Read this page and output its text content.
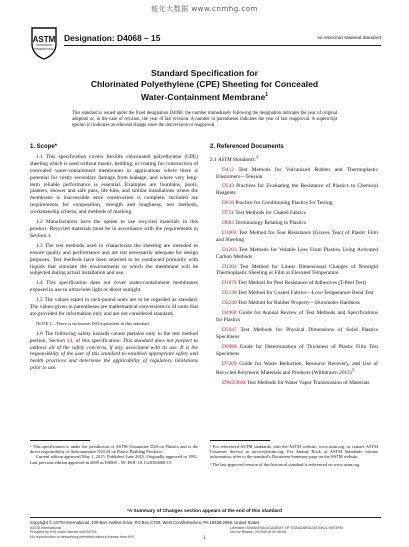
能化大数据 www.cnmhg.com
ASTM
INTERNATIONAL
Designation: D4068 – 15	An American National Standard
Standard Specification for
Chlorinated Polyethylene (CPE) Sheeting for Concealed
Water-Containment Membrane$^1$
This standard is issued under the fixed designation D4068; the number immediately following the designation indicates the year of original adoption or, in the case of revision, the year of last revision. A number in parentheses indicates the year of last reapproval. A superscript epsilon (ε) indicates an editorial change since the last revision or reapproval.

1. Scope*

1.1 This specification covers flexible chlorinated polyethylene (CPE) sheeting which is used without mastic, bedding, or coating for construction of concealed water-containment membranes in applications where there is potential for costly secondary damage from leakage, and where very long-term reliable performance is essential. Examples are fountains, pools, planters, shower and safe pans, tile tubs, and similar installations where the membrane is inaccessible once construction is complete. Included are requirements for composition, strength and toughness, test methods, workmanship criteria, and methods of marking.

1.2 Manufacturers have the option to use recycled materials in this product. Recycled materials must be in accordance with the requirements in Section 4.

1.3 The test methods used to characterize the sheeting are intended to ensure quality and performance and are not necessarily adequate for design purposes. Test methods have been selected to be conducted primarily with liquids that simulate the environments to which the membrane will be subjected during actual installation and use.

1.4 This specification does not cover water-containment membranes exposed in use to ultraviolet light or direct sunlight.

1.5 The values stated in inch-pound units are to be regarded as standard. The values given in parentheses are mathematical conversions to SI units that are provided for information only and are not considered standard.

NOTE 1—There is no known ISO equivalent to this standard.

1.6 The following safety hazards caveat pertains only to the test method portion, Section 14, of this specification: This standard does not purport to address all of the safety concerns, if any, associated with its use. It is the responsibility of the user of this standard to establish appropriate safety and health practices and determine the applicability of regulatory limitations prior to use.

2. Referenced Documents

2.1 ASTM Standards:$^2$

D412 Test Methods for Vulcanized Rubber and Thermoplastic Elastomers—Tension

D543 Practices for Evaluating the Resistance of Plastics to Chemical Reagents

D618 Practice for Conditioning Plastics for Testing

D751 Test Methods for Coated Fabrics

D883 Terminology Relating to Plastics

D1004 Test Method for Tear Resistance (Graves Tear) of Plastic Film and Sheeting

D1203 Test Methods for Volatile Loss From Plastics Using Activated Carbon Methods

D1204 Test Method for Linear Dimensional Changes of Nonrigid Thermoplastic Sheeting or Film at Elevated Temperature

D1876 Test Method for Peel Resistance of Adhesives (T-Peel Test)

D2136 Test Method for Coated Fabrics—Low-Temperature Bend Test

D2240 Test Method for Rubber Property—Durometer Hardness

D4968 Guide for Annual Review of Test Methods and Specifications for Plastics

D5947 Test Methods for Physical Dimensions of Solid Plastics Specimens

D6988 Guide for Determination of Thickness of Plastic Film Test Specimens

D7209 Guide for Waste Reduction, Resource Recovery, and Use of Recycled Polymeric Materials and Products (Withdrawn 2015)$^3$

E96/E96M Test Methods for Water Vapor Transmission of Materials

¹ This specification is under the jurisdiction of ASTM Committee D20 on Plastics and is the direct responsibility of Subcommittee D20.24 on Plastic Building Products.
Current edition approved May 1, 2015. Published June 2015. Originally approved in 1981. Last previous edition approved in 2009 as D4068 – 09. DOI: 10.1520/D4068-15.
² For referenced ASTM standards, visit the ASTM website, www.astm.org, or contact ASTM Customer Service at service@astm.org. For Annual Book of ASTM Standards volume information, refer to the standard's Document Summary page on the ASTM website.
³ The last approved version of this historical standard is referenced on www.astm.org.
*A Summary of Changes section appears at the end of this standard
Copyright © ASTM International, 100 Barr Harbor Drive, PO Box C700, West Conshohocken, PA 19428-2959. United States
ASTM International
Provided by IHS under license with ASTM
No reproduction or networking permitted without license from IHS
Licensee=SHANGHAI ACADEMY OF STANDARDIZATION & INFORM
Not for Resale, 2015/6/18 02:48:56
1
